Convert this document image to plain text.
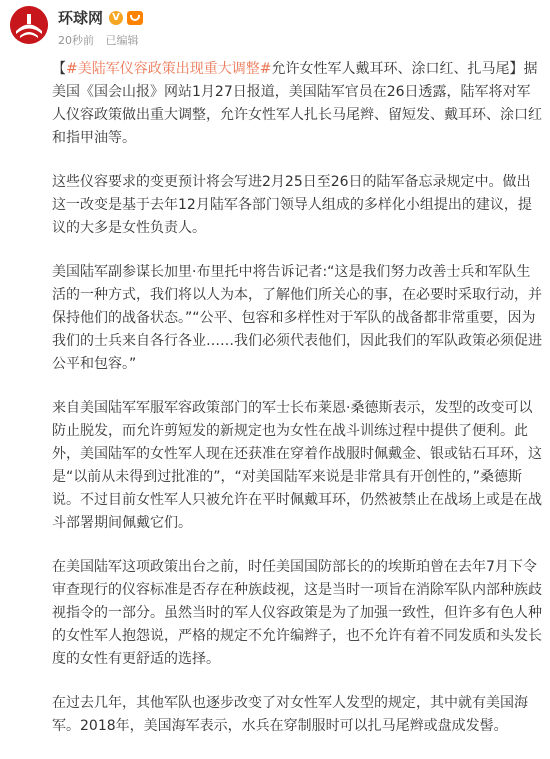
环球网 V
20秒前 已编辑

【#美陆军仪容政策出现重大调整#允许女性军人戴耳环、涂口红、扎马尾】据美国《国会山报》网站1月27日报道，美国陆军官员在26日透露，陆军将对军人仪容政策做出重大调整，允许女性军人扎长马尾辫、留短发、戴耳环、涂口红和指甲油等。

这些仪容要求的变更预计将会写进2月25日至26日的陆军备忘录规定中。做出这一改变是基于去年12月陆军各部门领导人组成的多样化小组提出的建议，提议的大多是女性负责人。

美国陆军副参谋长加里·布里托中将告诉记者:“这是我们努力改善士兵和军队生活的一种方式，我们将以人为本，了解他们所关心的事，在必要时采取行动，并保持他们的战备状态。”“公平、包容和多样性对于军队的战备都非常重要，因为我们的士兵来自各行各业……我们必须代表他们，因此我们的军队政策必须促进公平和包容。”

来自美国陆军军服军容政策部门的军士长布莱恩·桑德斯表示，发型的改变可以防止脱发，而允许剪短发的新规定也为女性在战斗训练过程中提供了便利。此外，美国陆军的女性军人现在还获准在穿着作战服时佩戴金、银或钻石耳环，这是“以前从未得到过批准的”，“对美国陆军来说是非常具有开创性的，”桑德斯说。不过目前女性军人只被允许在平时佩戴耳环，仍然被禁止在战场上或是在战斗部署期间佩戴它们。

在美国陆军这项政策出台之前，时任美国国防部长的的埃斯珀曾在去年7月下令审查现行的仪容标准是否存在种族歧视，这是当时一项旨在消除军队内部种族歧视指令的一部分。虽然当时的军人仪容政策是为了加强一致性，但许多有色人种的女性军人抱怨说，严格的规定不允许编辫子，也不允许有着不同发质和头发长度的女性有更舒适的选择。

在过去几年，其他军队也逐步改变了对女性军人发型的规定，其中就有美国海军。2018年，美国海军表示，水兵在穿制服时可以扎马尾辫或盘成发髻。
